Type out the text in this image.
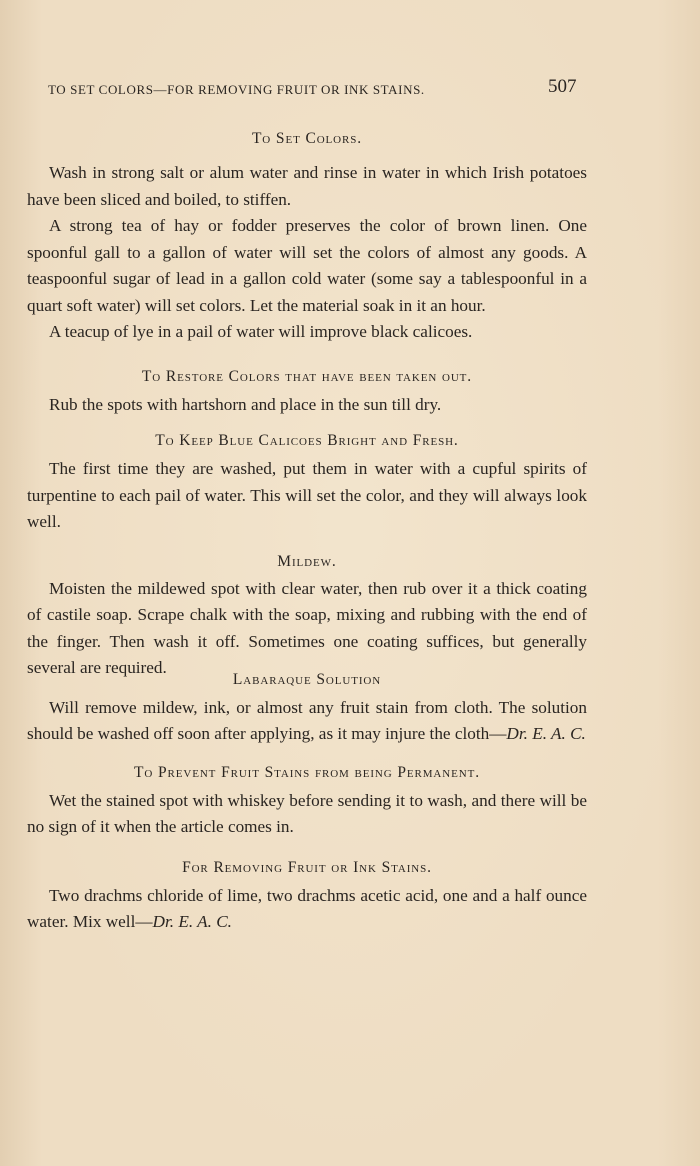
TO SET COLORS—FOR REMOVING FRUIT OR INK STAINS.	507
To Set Colors.

Wash in strong salt or alum water and rinse in water in which Irish potatoes have been sliced and boiled, to stiffen.

A strong tea of hay or fodder preserves the color of brown linen. One spoonful gall to a gallon of water will set the colors of almost any goods. A teaspoonful sugar of lead in a gallon cold water (some say a tablespoonful in a quart soft water) will set colors. Let the material soak in it an hour.

A teacup of lye in a pail of water will improve black calicoes.

To Restore Colors that have been taken out.

Rub the spots with hartshorn and place in the sun till dry.

To Keep Blue Calicoes Bright and Fresh.

The first time they are washed, put them in water with a cupful spirits of turpentine to each pail of water. This will set the color, and they will always look well.

Mildew.

Moisten the mildewed spot with clear water, then rub over it a thick coating of castile soap. Scrape chalk with the soap, mixing and rubbing with the end of the finger. Then wash it off. Sometimes one coating suffices, but generally several are required.

Labaraque Solution

Will remove mildew, ink, or almost any fruit stain from cloth. The solution should be washed off soon after applying, as it may injure the cloth—Dr. E. A. C.

To Prevent Fruit Stains from being Permanent.

Wet the stained spot with whiskey before sending it to wash, and there will be no sign of it when the article comes in.

For Removing Fruit or Ink Stains.

Two drachms chloride of lime, two drachms acetic acid, one and a half ounce water. Mix well—Dr. E. A. C.
